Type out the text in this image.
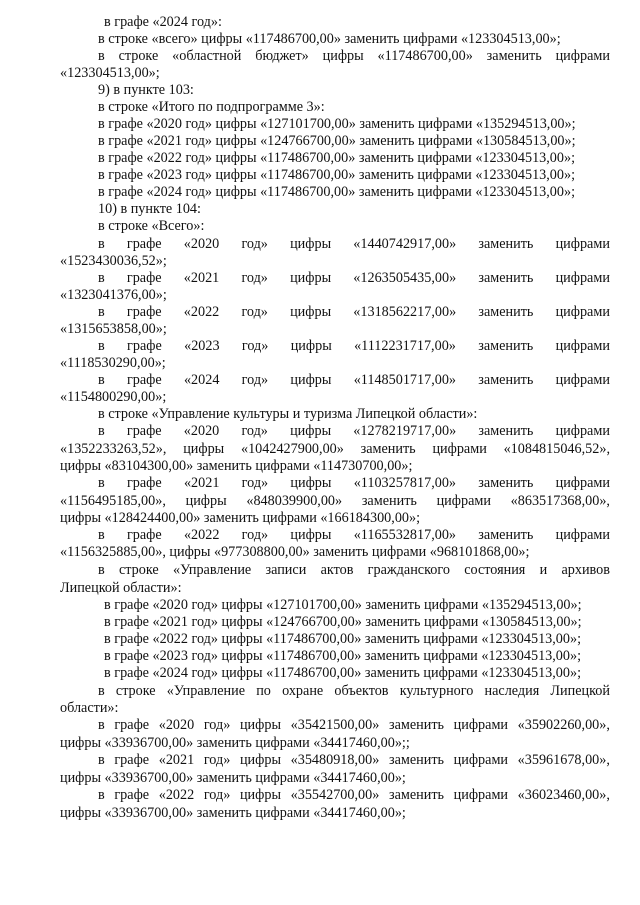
в графе «2024 год»:
в строке «всего» цифры «117486700,00» заменить цифрами «123304513,00»;
в строке «областной бюджет» цифры «117486700,00» заменить цифрами
«123304513,00»;
9) в пункте 103:
в строке «Итого по подпрограмме 3»:
в графе «2020 год» цифры «127101700,00» заменить цифрами «135294513,00»;
в графе «2021 год» цифры «124766700,00» заменить цифрами «130584513,00»;
в графе «2022 год» цифры «117486700,00» заменить цифрами «123304513,00»;
в графе «2023 год» цифры «117486700,00» заменить цифрами «123304513,00»;
в графе «2024 год» цифры «117486700,00» заменить цифрами «123304513,00»;
10) в пункте 104:
в строке «Всего»:
в графе «2020 год» цифры «1440742917,00» заменить цифрами
«1523430036,52»;
в графе «2021 год» цифры «1263505435,00» заменить цифрами
«1323041376,00»;
в графе «2022 год» цифры «1318562217,00» заменить цифрами
«1315653858,00»;
в графе «2023 год» цифры «1112231717,00» заменить цифрами
«1118530290,00»;
в графе «2024 год» цифры «1148501717,00» заменить цифрами
«1154800290,00»;
в строке «Управление культуры и туризма Липецкой области»:
в графе «2020 год» цифры «1278219717,00» заменить цифрами
«1352233263,52», цифры «1042427900,00» заменить цифрами «1084815046,52»,
цифры «83104300,00» заменить цифрами «114730700,00»;
в графе «2021 год» цифры «1103257817,00» заменить цифрами
«1156495185,00», цифры «848039900,00» заменить цифрами «863517368,00»,
цифры «128424400,00» заменить цифрами «166184300,00»;
в графе «2022 год» цифры «1165532817,00» заменить цифрами
«1156325885,00», цифры «977308800,00» заменить цифрами «968101868,00»;
в строке «Управление записи актов гражданского состояния и архивов
Липецкой области»:
в графе «2020 год» цифры «127101700,00» заменить цифрами «135294513,00»;
в графе «2021 год» цифры «124766700,00» заменить цифрами «130584513,00»;
в графе «2022 год» цифры «117486700,00» заменить цифрами «123304513,00»;
в графе «2023 год» цифры «117486700,00» заменить цифрами «123304513,00»;
в графе «2024 год» цифры «117486700,00» заменить цифрами «123304513,00»;
в строке «Управление по охране объектов культурного наследия Липецкой
области»:
в графе «2020 год» цифры «35421500,00» заменить цифрами «35902260,00»,
цифры «33936700,00» заменить цифрами «34417460,00»;;
в графе «2021 год» цифры «35480918,00» заменить цифрами «35961678,00»,
цифры «33936700,00» заменить цифрами «34417460,00»;
в графе «2022 год» цифры «35542700,00» заменить цифрами «36023460,00»,
цифры «33936700,00» заменить цифрами «34417460,00»;
